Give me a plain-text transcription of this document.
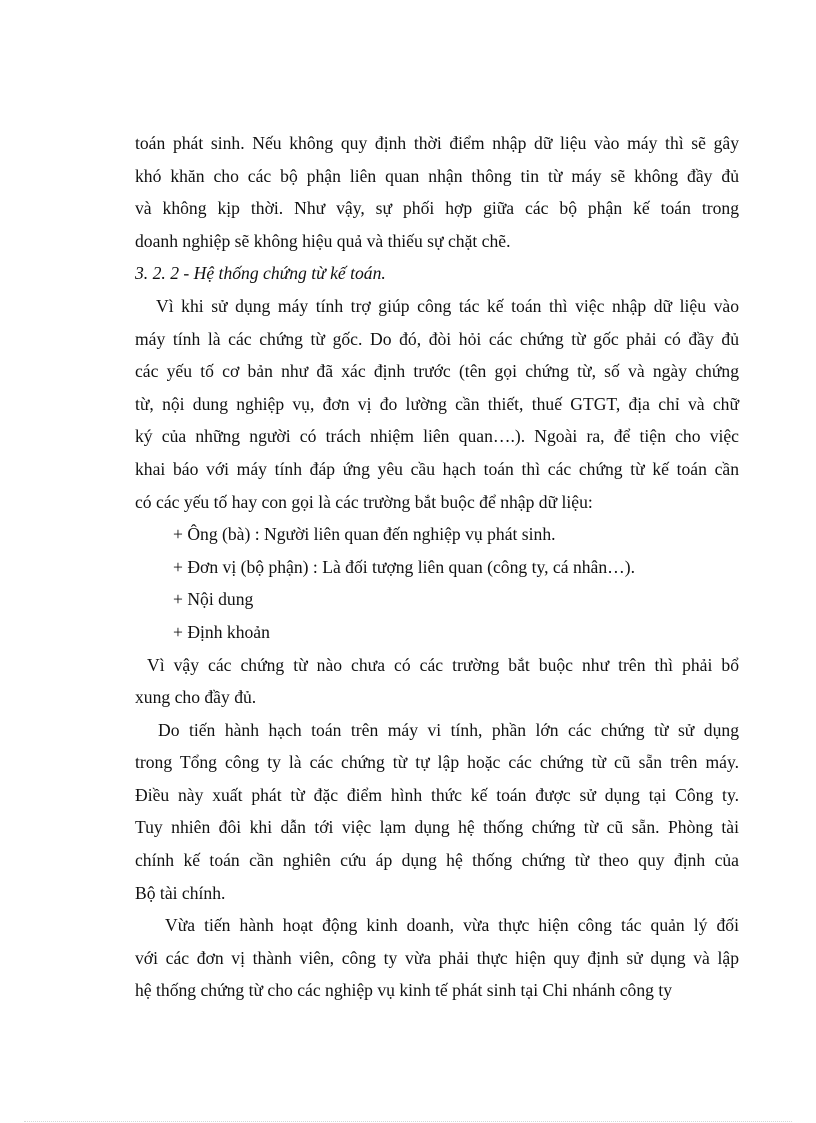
toán phát sinh. Nếu không quy định thời điểm nhập dữ liệu vào máy thì sẽ gây
khó khăn cho các bộ phận liên quan nhận thông tin từ máy sẽ không đầy đủ
và không kịp thời. Như vậy, sự phối hợp giữa các bộ phận kế toán trong
doanh nghiệp sẽ không hiệu quả và thiếu sự chặt chẽ.
3. 2. 2 - Hệ thống chứng từ kế toán.
Vì khi sử dụng máy tính trợ giúp công tác kế toán thì việc nhập dữ liệu vào
máy tính là các chứng từ gốc. Do đó, đòi hỏi các chứng từ gốc phải có đầy đủ
các yếu tố cơ bản như đã xác định trước (tên gọi chứng từ, số và ngày chứng
từ, nội dung nghiệp vụ, đơn vị đo lường cần thiết, thuế GTGT, địa chỉ và chữ
ký của những người có trách nhiệm liên quan….). Ngoài ra, để tiện cho việc
khai báo với máy tính đáp ứng yêu cầu hạch toán thì các chứng từ kế toán cần
có các yếu tố hay con gọi là các trường bắt buộc để nhập dữ liệu:
+ Ông (bà) : Người liên quan đến nghiệp vụ phát sinh.
+ Đơn vị (bộ phận) : Là đối tượng liên quan (công ty, cá nhân…).
+ Nội dung
+ Định khoản
Vì vậy các chứng từ nào chưa có các trường bắt buộc như trên thì phải bổ
xung cho đầy đủ.
Do tiến hành hạch toán trên máy vi tính, phần lớn các chứng từ sử dụng
trong Tổng công ty là các chứng từ tự lập hoặc các chứng từ cũ sẵn trên máy.
Điều này xuất phát từ đặc điểm hình thức kế toán được sử dụng tại Công ty.
Tuy nhiên đôi khi dẫn tới việc lạm dụng hệ thống chứng từ cũ sẵn. Phòng tài
chính kế toán cần nghiên cứu áp dụng hệ thống chứng từ theo quy định của
Bộ tài chính.
Vừa tiến hành hoạt động kinh doanh, vừa thực hiện công tác quản lý đối
với các đơn vị thành viên, công ty vừa phải thực hiện quy định sử dụng và lập
hệ thống chứng từ cho các nghiệp vụ kinh tế phát sinh tại Chi nhánh công ty
